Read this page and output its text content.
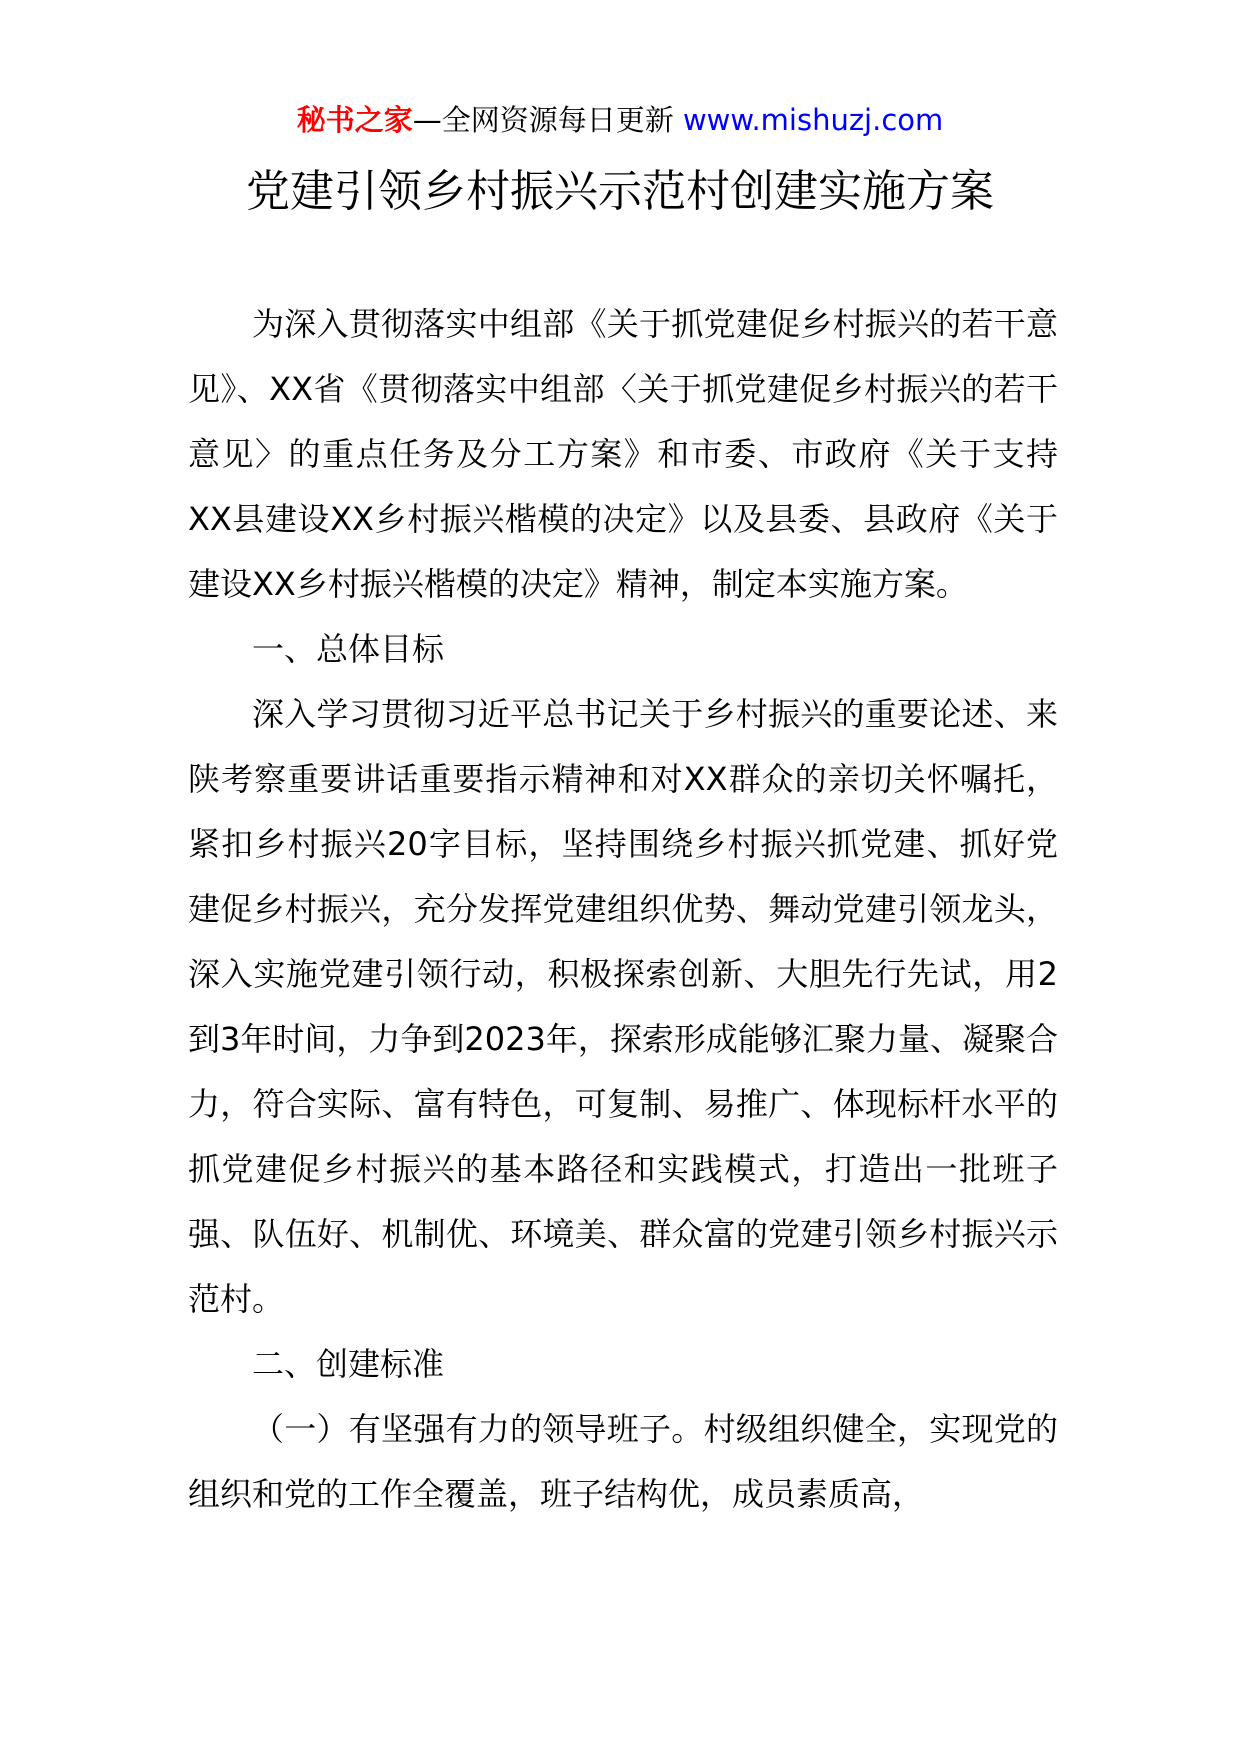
秘书之家—全网资源每日更新 www.mishuzj.com
党建引领乡村振兴示范村创建实施方案

为深入贯彻落实中组部《关于抓党建促乡村振兴的若干意见》、XX省《贯彻落实中组部〈关于抓党建促乡村振兴的若干意见〉的重点任务及分工方案》和市委、市政府《关于支持XX县建设XX乡村振兴楷模的决定》以及县委、县政府《关于建设XX乡村振兴楷模的决定》精神，制定本实施方案。

一、总体目标

深入学习贯彻习近平总书记关于乡村振兴的重要论述、来陕考察重要讲话重要指示精神和对XX群众的亲切关怀嘱托，紧扣乡村振兴20字目标，坚持围绕乡村振兴抓党建、抓好党建促乡村振兴，充分发挥党建组织优势、舞动党建引领龙头，深入实施党建引领行动，积极探索创新、大胆先行先试，用2到3年时间，力争到2023年，探索形成能够汇聚力量、凝聚合力，符合实际、富有特色，可复制、易推广、体现标杆水平的抓党建促乡村振兴的基本路径和实践模式，打造出一批班子强、队伍好、机制优、环境美、群众富的党建引领乡村振兴示范村。

二、创建标准

（一）有坚强有力的领导班子。村级组织健全，实现党的组织和党的工作全覆盖，班子结构优，成员素质高，
